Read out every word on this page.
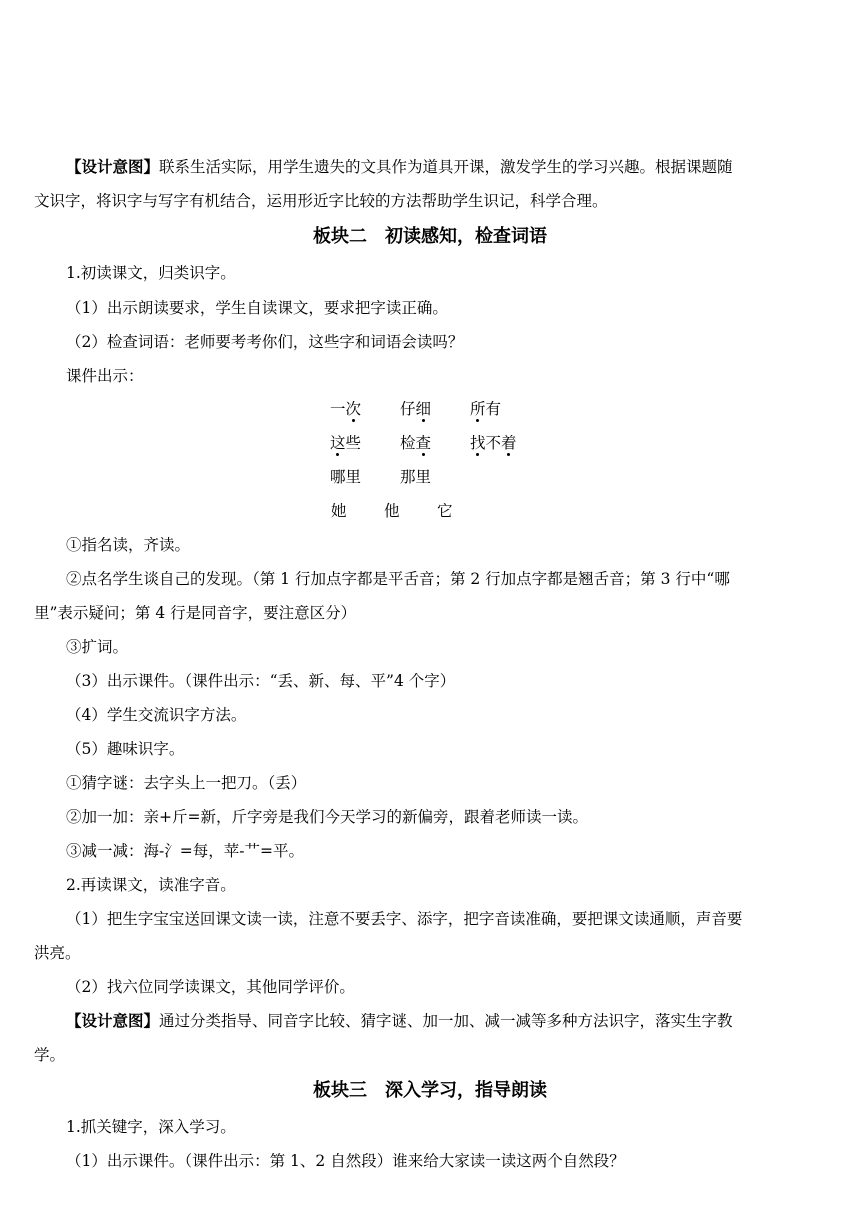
【设计意图】联系生活实际，用学生遗失的文具作为道具开课，激发学生的学习兴趣。根据课题随
文识字，将识字与写字有机结合，运用形近字比较的方法帮助学生识记，科学合理。
板块二　初读感知，检查词语
1.初读课文，归类识字。
（1）出示朗读要求，学生自读课文，要求把字读正确。
（2）检查词语：老师要考考你们，这些字和词语会读吗？
课件出示：
一次	仔细	所有
这些	检查	找不着
哪里	那里
她 他 它
①指名读，齐读。
②点名学生谈自己的发现。（第 1 行加点字都是平舌音；第 2 行加点字都是翘舌音；第 3 行中“哪
里”表示疑问；第 4 行是同音字，要注意区分）
③扩词。
（3）出示课件。（课件出示：“丢、新、每、平”4 个字）
（4）学生交流识字方法。
（5）趣味识字。
①猜字谜：去字头上一把刀。（丢）
②加一加：亲+斤=新，斤字旁是我们今天学习的新偏旁，跟着老师读一读。
③减一减：海-氵=每，苹-艹=平。
2.再读课文，读准字音。
（1）把生字宝宝送回课文读一读，注意不要丢字、添字，把字音读准确，要把课文读通顺，声音要
洪亮。
（2）找六位同学读课文，其他同学评价。
【设计意图】通过分类指导、同音字比较、猜字谜、加一加、减一减等多种方法识字，落实生字教
学。
板块三　深入学习，指导朗读
1.抓关键字，深入学习。
（1）出示课件。（课件出示：第 1、2 自然段）谁来给大家读一读这两个自然段？
